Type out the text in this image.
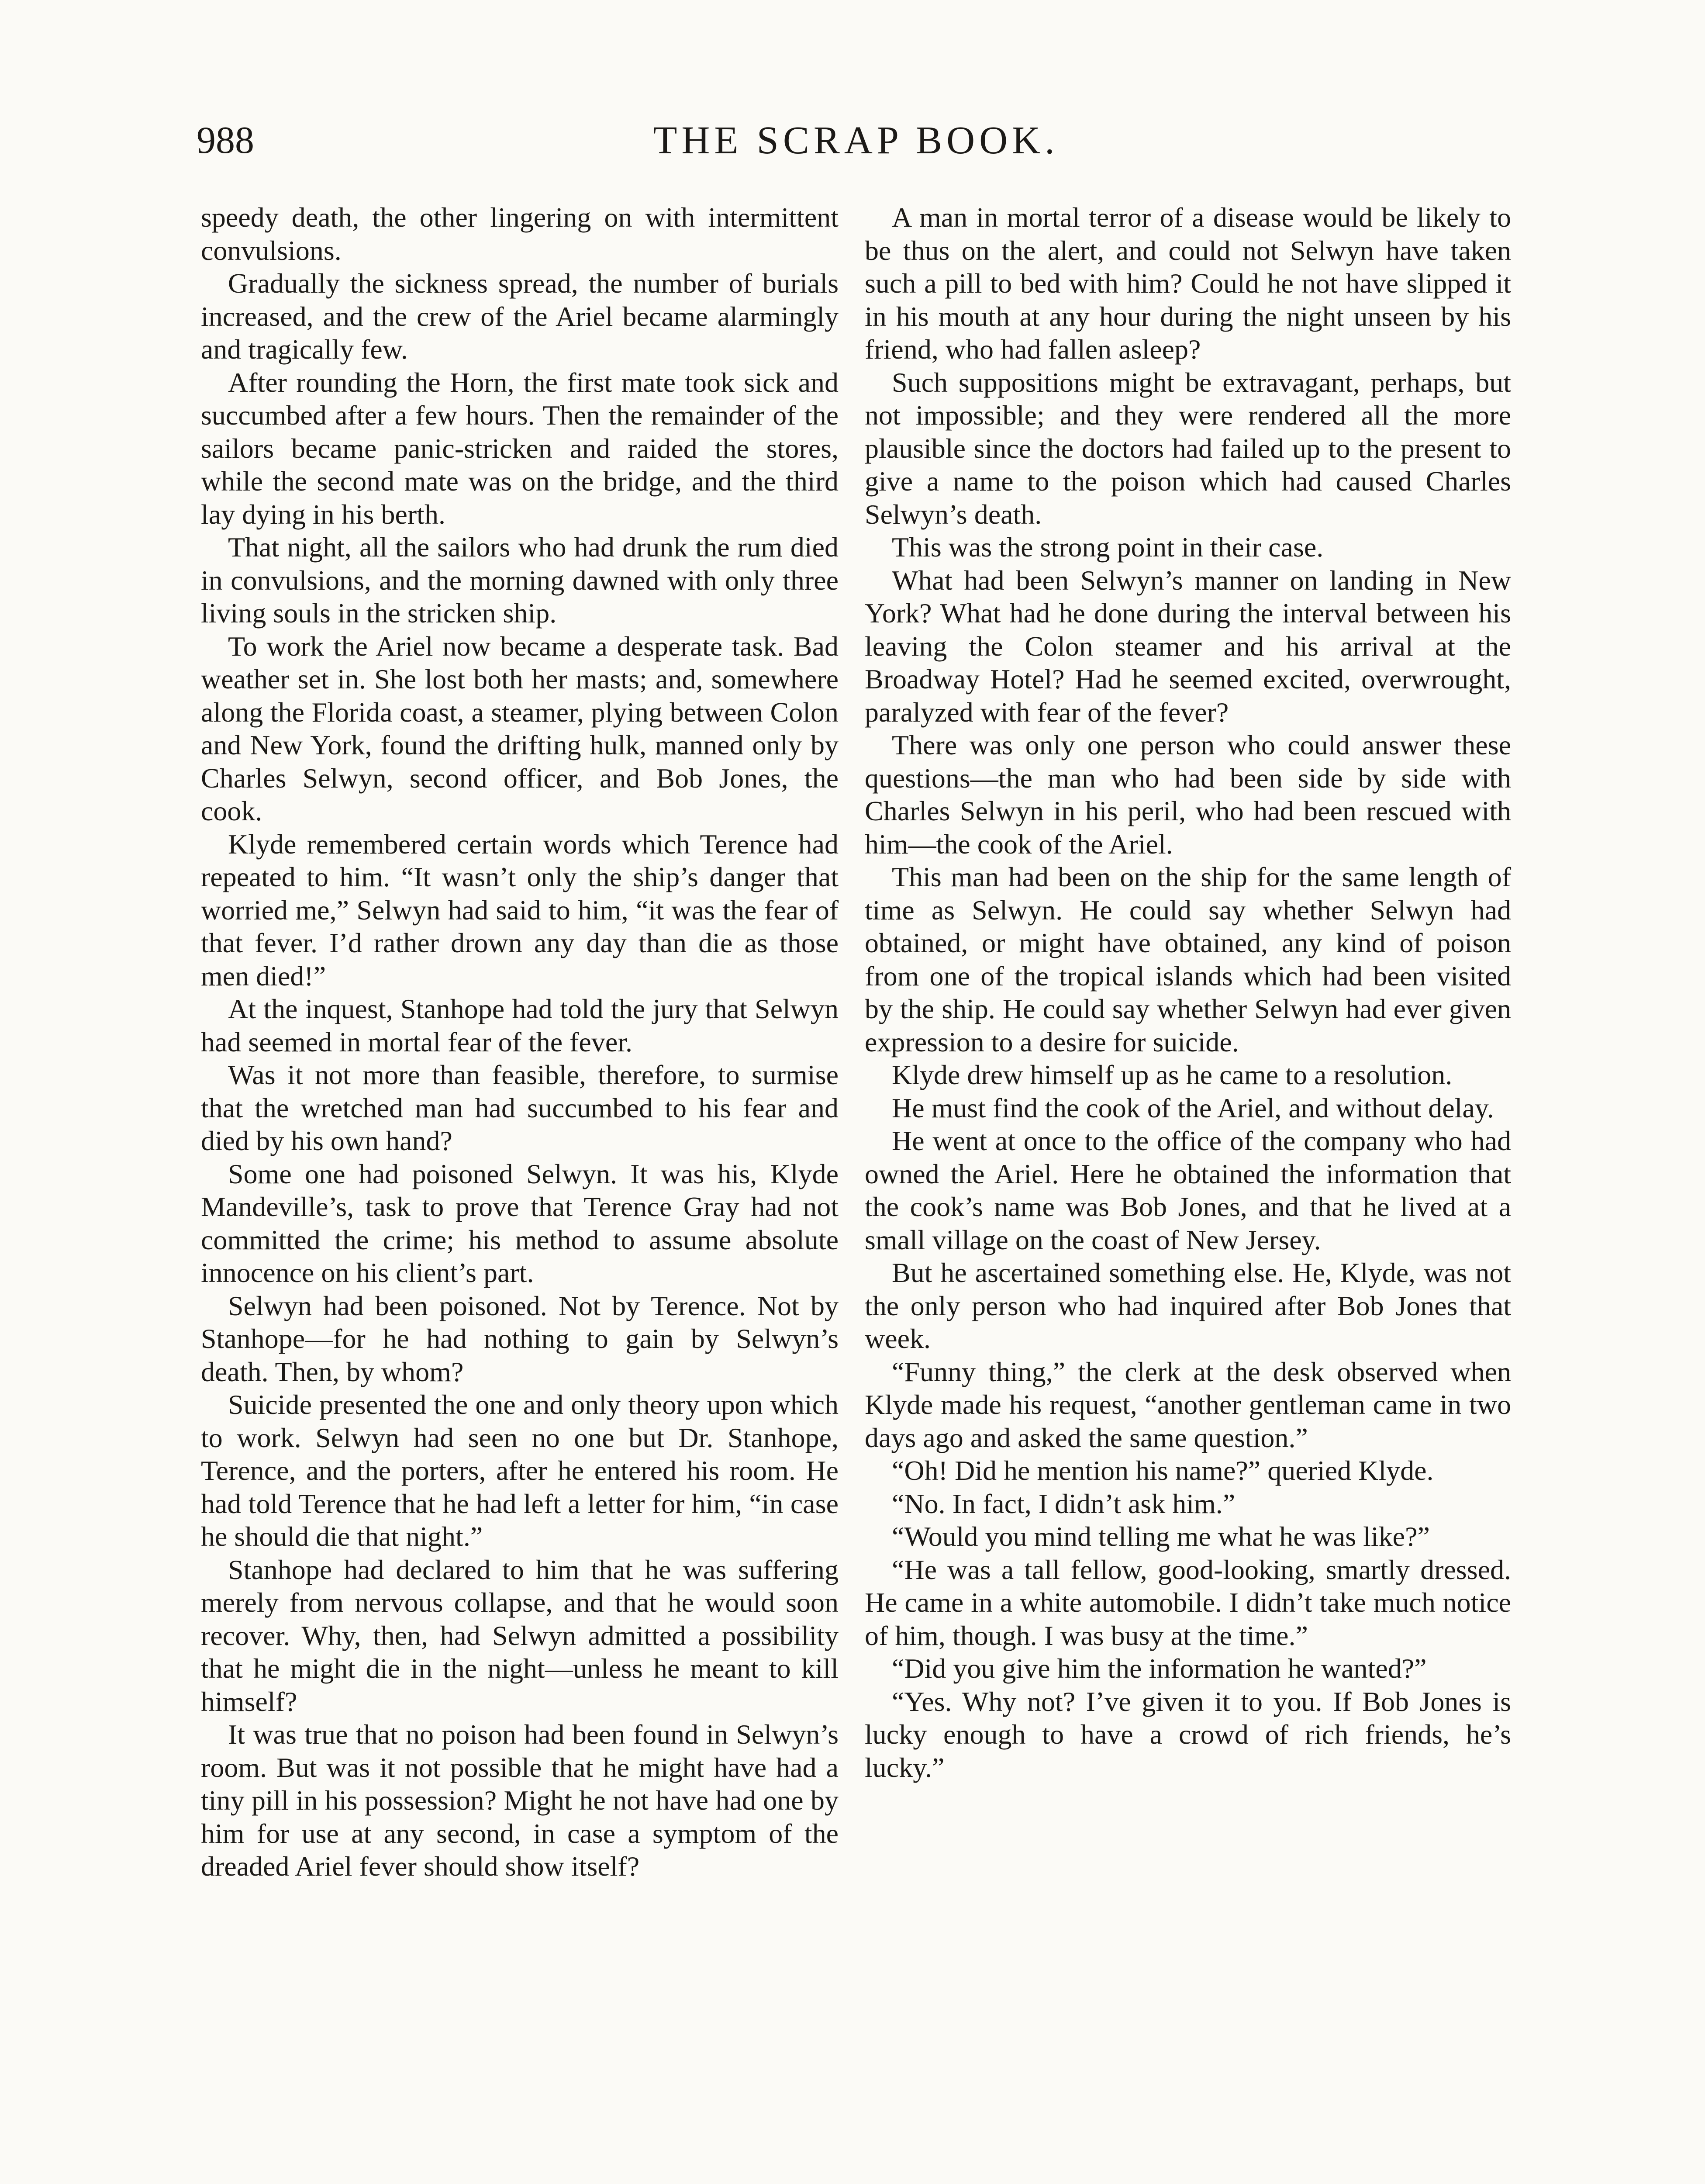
988	THE SCRAP BOOK.

speedy death, the other lingering on with intermittent convulsions.

Gradually the sickness spread, the number of burials increased, and the crew of the Ariel became alarmingly and tragically few.

After rounding the Horn, the first mate took sick and succumbed after a few hours. Then the remainder of the sailors became panic-stricken and raided the stores, while the second mate was on the bridge, and the third lay dying in his berth.

That night, all the sailors who had drunk the rum died in convulsions, and the morning dawned with only three living souls in the stricken ship.

To work the Ariel now became a desperate task. Bad weather set in. She lost both her masts; and, somewhere along the Florida coast, a steamer, plying between Colon and New York, found the drifting hulk, manned only by Charles Selwyn, second officer, and Bob Jones, the cook.

Klyde remembered certain words which Terence had repeated to him. “It wasn’t only the ship’s danger that worried me,” Selwyn had said to him, “it was the fear of that fever. I’d rather drown any day than die as those men died!”

At the inquest, Stanhope had told the jury that Selwyn had seemed in mortal fear of the fever.

Was it not more than feasible, therefore, to surmise that the wretched man had succumbed to his fear and died by his own hand?

Some one had poisoned Selwyn. It was his, Klyde Mandeville’s, task to prove that Terence Gray had not committed the crime; his method to assume absolute innocence on his client’s part.

Selwyn had been poisoned. Not by Terence. Not by Stanhope—for he had nothing to gain by Selwyn’s death. Then, by whom?

Suicide presented the one and only theory upon which to work. Selwyn had seen no one but Dr. Stanhope, Terence, and the porters, after he entered his room. He had told Terence that he had left a letter for him, “in case he should die that night.”

Stanhope had declared to him that he was suffering merely from nervous collapse, and that he would soon recover. Why, then, had Selwyn admitted a possibility that he might die in the night—unless he meant to kill himself?

It was true that no poison had been found in Selwyn’s room. But was it not possible that he might have had a tiny pill in his possession? Might he not have had one by him for use at any second, in case a symptom of the dreaded Ariel fever should show itself?

A man in mortal terror of a disease would be likely to be thus on the alert, and could not Selwyn have taken such a pill to bed with him? Could he not have slipped it in his mouth at any hour during the night unseen by his friend, who had fallen asleep?

Such suppositions might be extravagant, perhaps, but not impossible; and they were rendered all the more plausible since the doctors had failed up to the present to give a name to the poison which had caused Charles Selwyn’s death.

This was the strong point in their case.

What had been Selwyn’s manner on landing in New York? What had he done during the interval between his leaving the Colon steamer and his arrival at the Broadway Hotel? Had he seemed excited, overwrought, paralyzed with fear of the fever?

There was only one person who could answer these questions—the man who had been side by side with Charles Selwyn in his peril, who had been rescued with him—the cook of the Ariel.

This man had been on the ship for the same length of time as Selwyn. He could say whether Selwyn had obtained, or might have obtained, any kind of poison from one of the tropical islands which had been visited by the ship. He could say whether Selwyn had ever given expression to a desire for suicide.

Klyde drew himself up as he came to a resolution.

He must find the cook of the Ariel, and without delay.

He went at once to the office of the company who had owned the Ariel. Here he obtained the information that the cook’s name was Bob Jones, and that he lived at a small village on the coast of New Jersey.

But he ascertained something else. He, Klyde, was not the only person who had inquired after Bob Jones that week.

“Funny thing,” the clerk at the desk observed when Klyde made his request, “another gentleman came in two days ago and asked the same question.”

“Oh! Did he mention his name?” queried Klyde.

“No. In fact, I didn’t ask him.”

“Would you mind telling me what he was like?”

“He was a tall fellow, good-looking, smartly dressed. He came in a white automobile. I didn’t take much notice of him, though. I was busy at the time.”

“Did you give him the information he wanted?”

“Yes. Why not? I’ve given it to you. If Bob Jones is lucky enough to have a crowd of rich friends, he’s lucky.”
